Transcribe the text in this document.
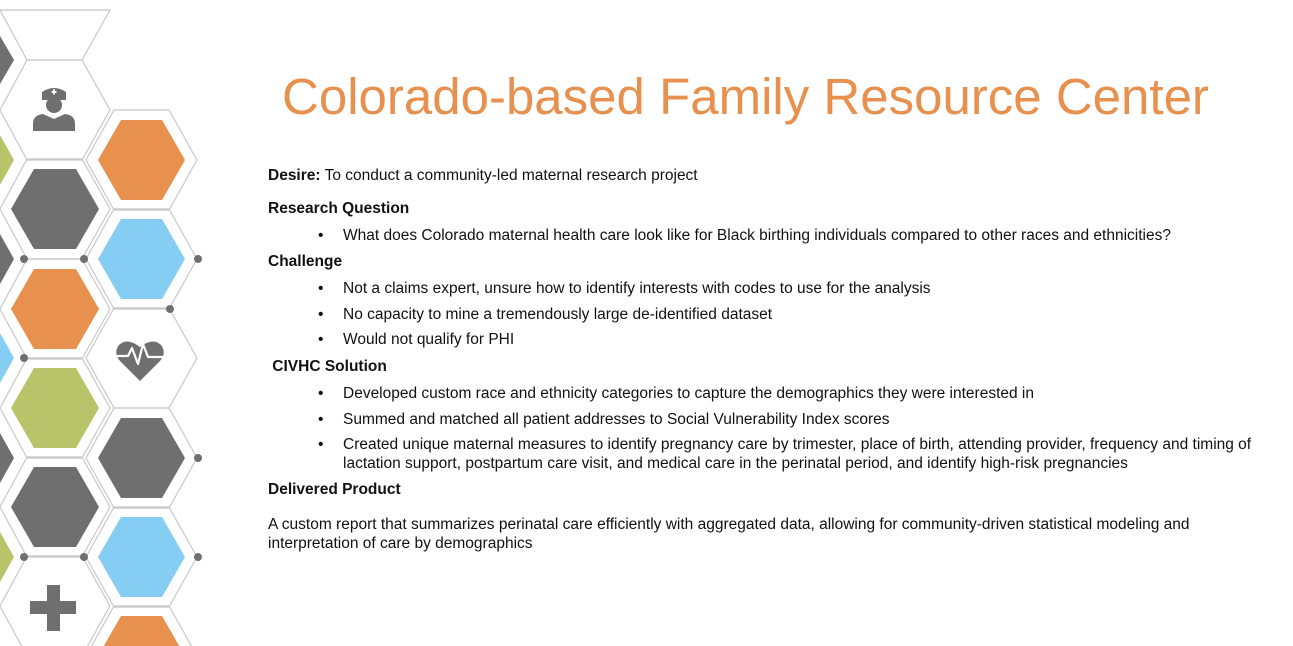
Colorado-based Family Resource Center

Desire: To conduct a community-led maternal research project

Research Question

• What does Colorado maternal health care look like for Black birthing individuals compared to other races and ethnicities?

Challenge

• Not a claims expert, unsure how to identify interests with codes to use for the analysis
• No capacity to mine a tremendously large de-identified dataset
• Would not qualify for PHI

CIVHC Solution

• Developed custom race and ethnicity categories to capture the demographics they were interested in
• Summed and matched all patient addresses to Social Vulnerability Index scores
• Created unique maternal measures to identify pregnancy care by trimester, place of birth, attending provider, frequency and timing of lactation support, postpartum care visit, and medical care in the perinatal period, and identify high-risk pregnancies

Delivered Product

A custom report that summarizes perinatal care efficiently with aggregated data, allowing for community-driven statistical modeling and interpretation of care by demographics
